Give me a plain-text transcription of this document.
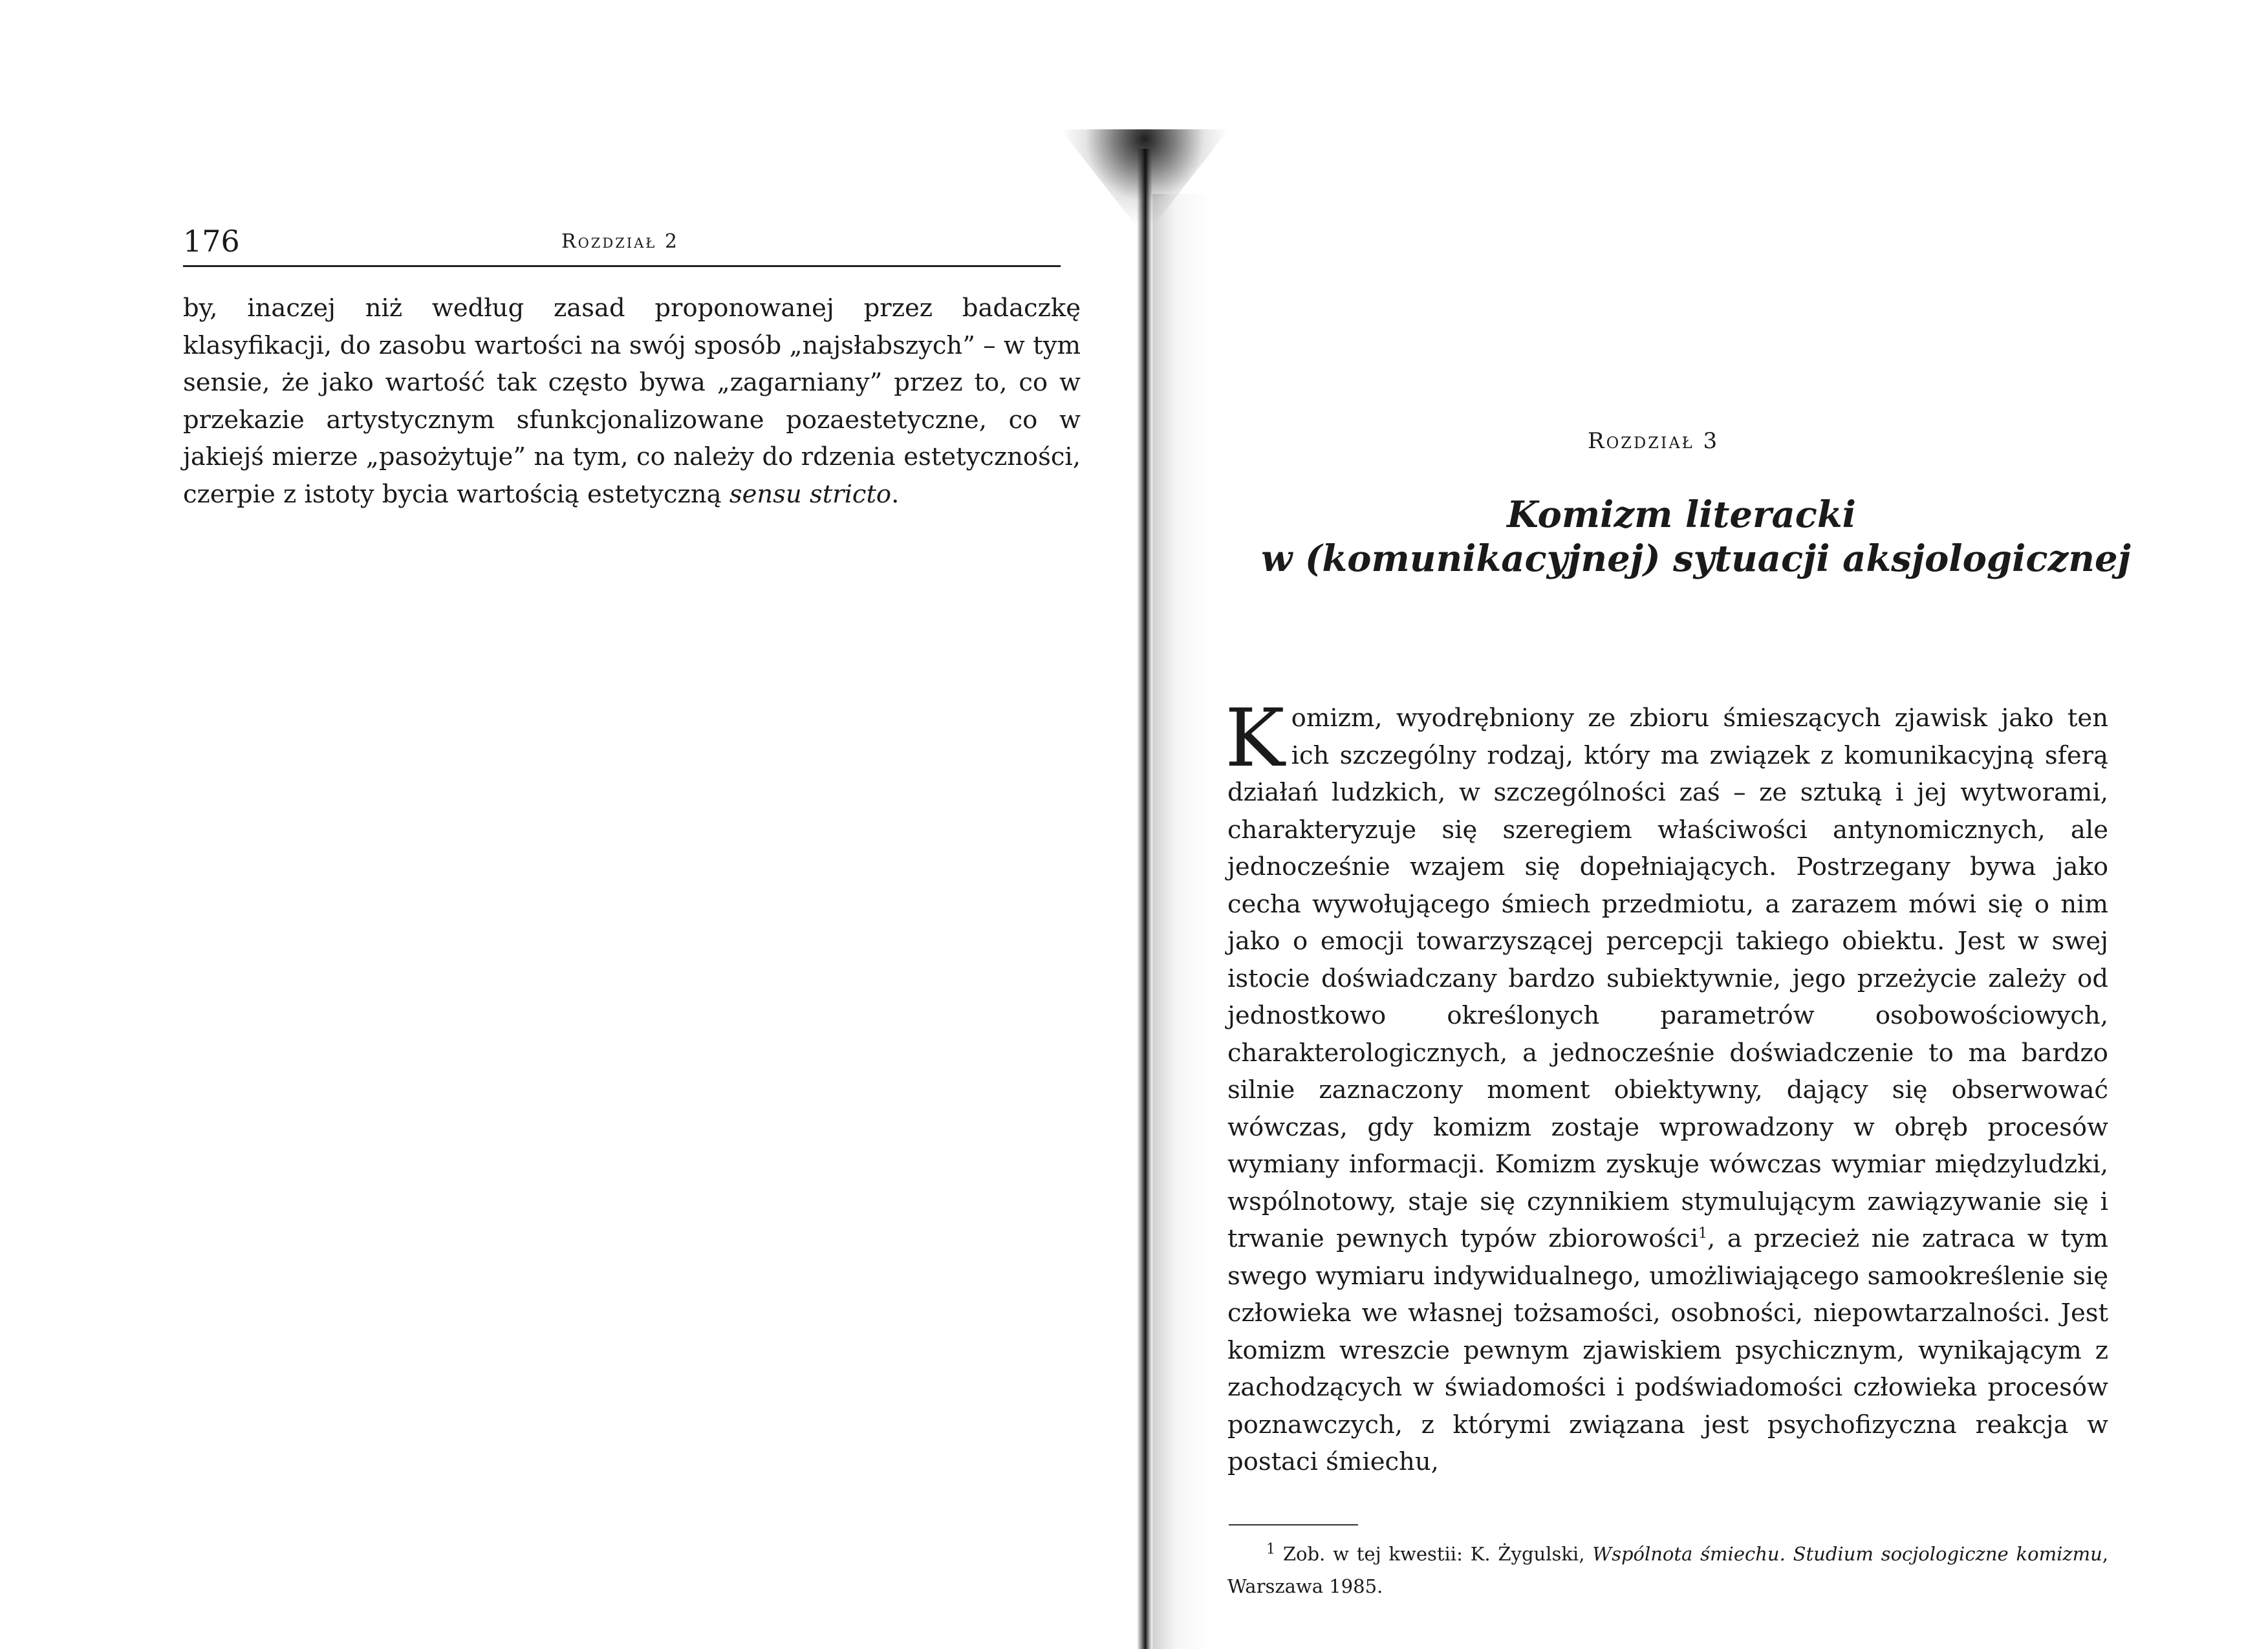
176	Rozdział 2

by, inaczej niż według zasad proponowanej przez badaczkę klasyfikacji, do zasobu wartości na swój sposób „najsłabszych” – w tym sensie, że jako wartość tak często bywa „zagarniany” przez to, co w przekazie artystycznym sfunkcjonalizowane pozaestetyczne, co w jakiejś mierze „pasożytuje” na tym, co należy do rdzenia estetyczności, czerpie z istoty bycia wartością estetyczną sensu stricto.

Rozdział 3
Komizm literacki
w (komunikacyjnej) sytuacji aksjologicznej

Komizm, wyodrębniony ze zbioru śmieszących zjawisk jako ten ich szczególny rodzaj, który ma związek z komunikacyjną sferą działań ludzkich, w szczególności zaś – ze sztuką i jej wytworami, charakteryzuje się szeregiem właściwości antynomicznych, ale jednocześnie wzajem się dopełniających. Postrzegany bywa jako cecha wywołującego śmiech przedmiotu, a zarazem mówi się o nim jako o emocji towarzyszącej percepcji takiego obiektu. Jest w swej istocie doświadczany bardzo subiektywnie, jego przeżycie zależy od jednostkowo określonych parametrów osobowościowych, charakterologicznych, a jednocześnie doświadczenie to ma bardzo silnie zaznaczony moment obiektywny, dający się obserwować wówczas, gdy komizm zostaje wprowadzony w obręb procesów wymiany informacji. Komizm zyskuje wówczas wymiar międzyludzki, wspólnotowy, staje się czynnikiem stymulującym zawiązywanie się i trwanie pewnych typów zbiorowości$^1$, a przecież nie zatraca w tym swego wymiaru indywidualnego, umożliwiającego samookreślenie się człowieka we własnej tożsamości, osobności, niepowtarzalności. Jest komizm wreszcie pewnym zjawiskiem psychicznym, wynikającym z zachodzących w świadomości i podświadomości człowieka procesów poznawczych, z którymi związana jest psychofizyczna reakcja w postaci śmiechu,

$^1$ Zob. w tej kwestii: K. Żygulski, Wspólnota śmiechu. Studium socjologiczne komizmu, Warszawa 1985.
